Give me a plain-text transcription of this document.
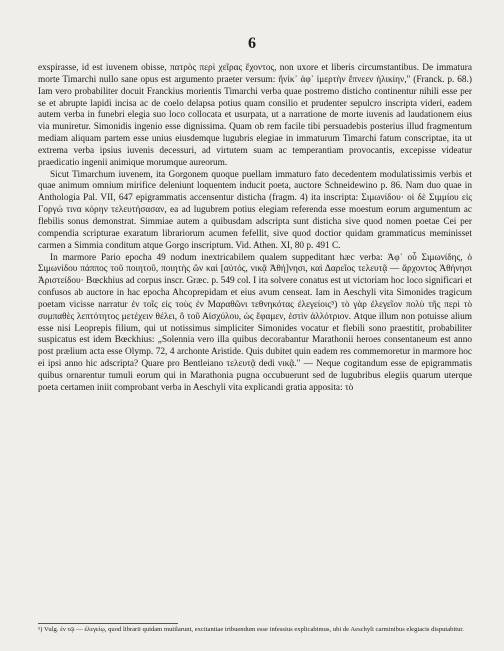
6

exspirasse, id est iuvenem obisse, πατρὸς περὶ χεῖρας ἔχοντος, non uxore et liberis circumstantibus. De immatura morte Timarchi nullo sane opus est argumento praeter versum: ἤνἰκ᾽ ἀφ᾽ ἱμερτὴν ἔπνεεν ἡλικίην," (Franck. p. 68.) Iam vero probabiliter docuit Franckius morientis Timarchi verba quae postremo disticho continentur nihili esse per se et abrupte lapidi incisa ac de coelo delapsa potius quam consilio et prudenter sepulcro inscripta videri, eadem autem verba in funebri elegia suo loco collocata et usurpata, ut a narratione de morte iuvenis ad laudationem eius via muniretur. Simonidis ingenio esse dignissima. Quam ob rem facile tibi persuadebis posterius illud fragmentum mediam aliquam partem esse unius eiusdemque lugubris elegiae in immaturum Timarchi fatum conscriptae, ita ut extrema verba ipsius iuvenis decessuri, ad virtutem suam ac temperantiam provocantis, excepisse videatur praedicatio ingenii animique morumque aureorum.

Sicut Timarchum iuvenem, ita Gorgonem quoque puellam immaturo fato decedentem modulatissimis verbis et quae animum omnium mirifice deleniunt loquentem inducit poeta, auctore Schneidewino p. 86. Nam duo quae in Anthologia Pal. VII, 647 epigrammatis accensentur disticha (fragm. 4) ita inscripta: Σιμωνίδου· οἱ δὲ Σιμμίου εἰς Γοργώ τινα κόρην τελευτήσασαν, ea ad lugubrem potius elegiam referenda esse moestum eorum argumentum ac flebilis sonus demonstrat. Simmiae autem a quibusdam adscripta sunt disticha sive quod nomen poetae Cei per compendia scripturae exaratum librariorum acumen fefellit, sive quod doctior quidam grammaticus meminisset carmen a Simmia conditum atque Gorgo inscriptum. Vid. Athen. XI, 80 p. 491 C.

In marmore Pario epocha 49 nodum inextricabilem qualem suppeditant hæc verba: Ἀφ᾽ οὗ Σιμωνίδης, ὁ Σιμωνίδου πάππος τοῦ ποιητοῦ, ποιητὴς ὢν καὶ [αὐτός, νικᾷ Ἀθή]νησι, καὶ Δαρεῖος τελευτᾷ — ἄρχοντος Ἀθήνησι Ἀριστείδου· Bœckhius ad corpus inscr. Græc. p. 549 col. I ita solvere conatus est ut victoriam hoc loco significari et confusos ab auctore in hac epocha Ahcoprepidam et eius avum censeat. Iam in Aeschyli vita Simonides tragicum poetam vicisse narratur ἐν τοῖς εἰς τοὺς ἐν Μαραθῶνι τεθνηκότας ἐλεγείοις⁵) τὸ γὰρ ἐλεγεῖον πολὺ τῆς περὶ τὸ συμπαθὲς λεπτότητος μετέχειν θέλει, ὃ τοῦ Αἰσχύλου, ὡς ἔφαμεν, ἐστὶν ἀλλότριον. Atque illum non potuisse alium esse nisi Leoprepis filium, qui ut notissimus simpliciter Simonides vocatur et flebili sono praestitit, probabiliter suspicatus est idem Bœckhius: „Solennia vero illa quibus decorabantur Marathonii heroes consentaneum est anno post prælium acta esse Olymp. 72, 4 archonte Aristide. Quis dubitet quin eadem res commemoretur in marmore hoc ei ipsi anno hic adscripta? Quare pro Bentleiano τελευτᾷ dedi νικᾷ." — Neque cogitandum esse de epigrammatis quibus ornarentur tumuli eorum qui in Marathonia pugna occubuerunt sed de lugubribus elegiis quarum uterque poeta certamen iniit comprobant verba in Aeschyli vita explicandi gratia apposita: τὸ

⁵) Vulg. ἐν τῷ — ἐλεγείῳ, quod librarii quidam mutilarunt, excitantiae tribuendum esse infessius explicabimus, ubi de Aeschyli carminibus elegiacis disputabitur.
